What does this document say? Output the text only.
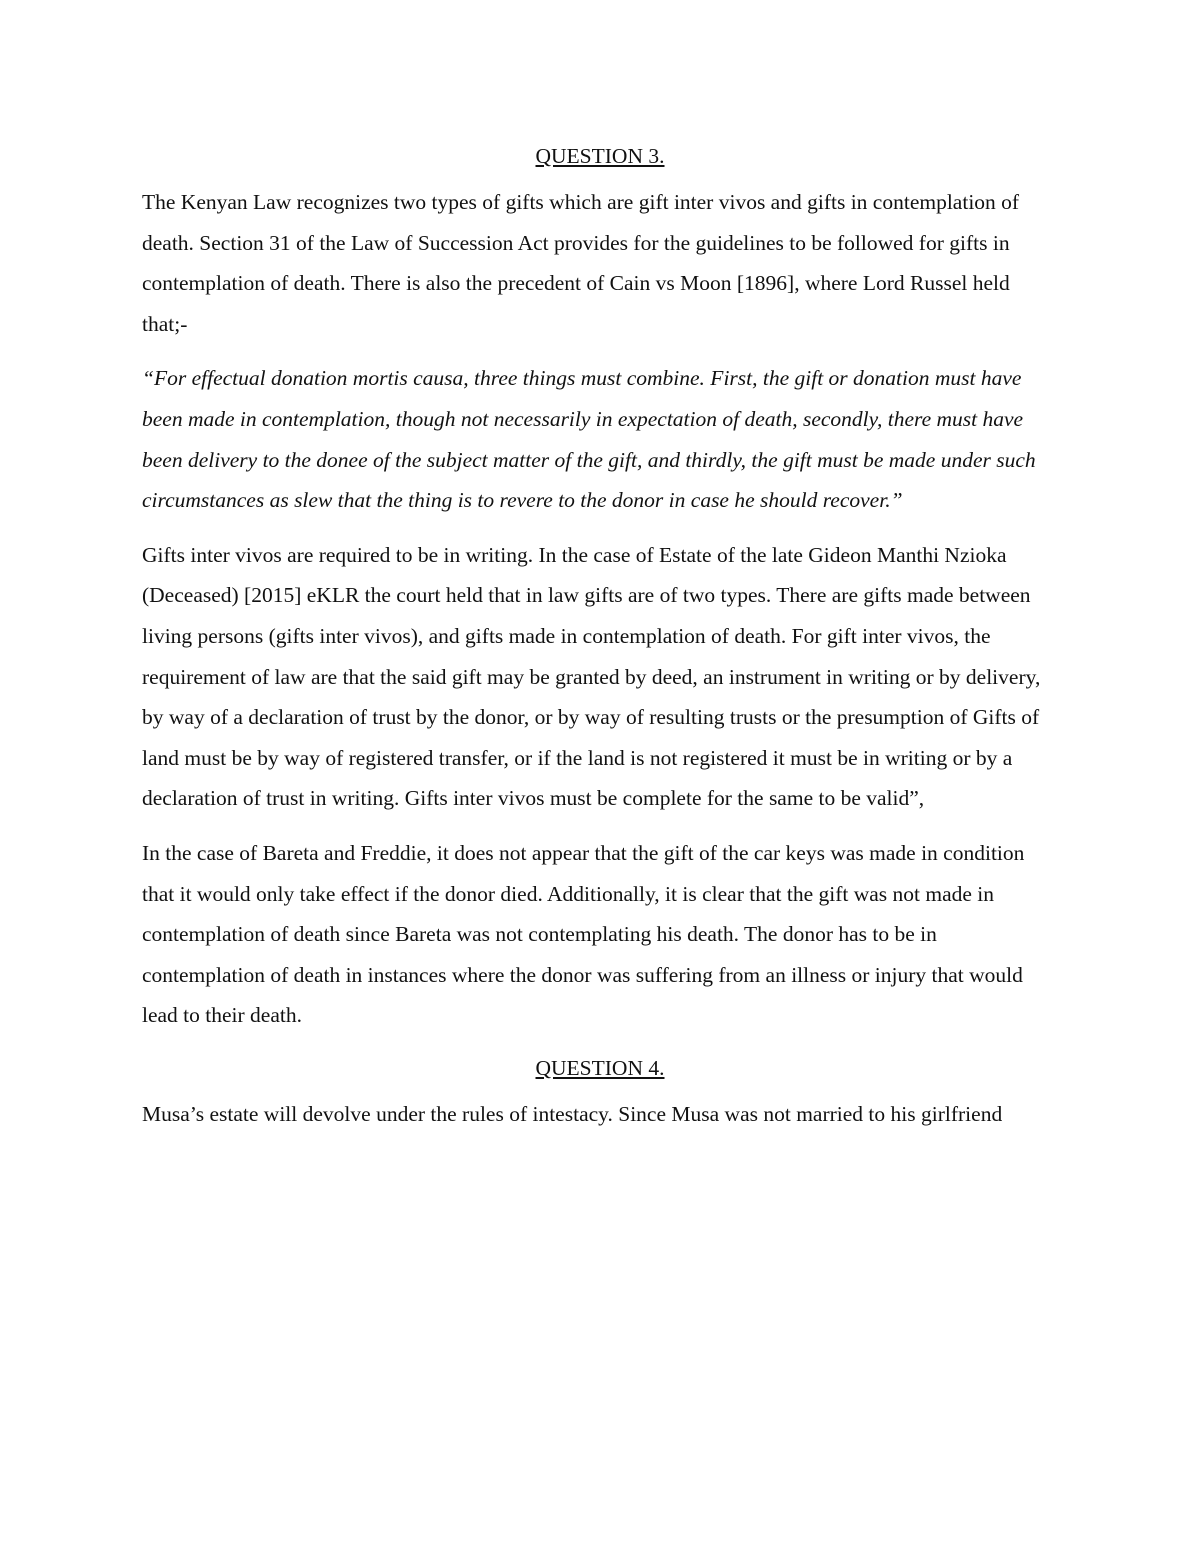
QUESTION 3.

The Kenyan Law recognizes two types of gifts which are gift inter vivos and gifts in contemplation of death. Section 31 of the Law of Succession Act provides for the guidelines to be followed for gifts in contemplation of death. There is also the precedent of Cain vs Moon [1896], where Lord Russel held that;-

“For effectual donation mortis causa, three things must combine. First, the gift or donation must have been made in contemplation, though not necessarily in expectation of death, secondly, there must have been delivery to the donee of the subject matter of the gift, and thirdly, the gift must be made under such circumstances as slew that the thing is to revere to the donor in case he should recover.”

Gifts inter vivos are required to be in writing. In the case of Estate of the late Gideon Manthi Nzioka (Deceased) [2015] eKLR the court held that in law gifts are of two types. There are gifts made between living persons (gifts inter vivos), and gifts made in contemplation of death. For gift inter vivos, the requirement of law are that the said gift may be granted by deed, an instrument in writing or by delivery, by way of a declaration of trust by the donor, or by way of resulting trusts or the presumption of Gifts of land must be by way of registered transfer, or if the land is not registered it must be in writing or by a declaration of trust in writing. Gifts inter vivos must be complete for the same to be valid”,

In the case of Bareta and Freddie, it does not appear that the gift of the car keys was made in condition that it would only take effect if the donor died. Additionally, it is clear that the gift was not made in contemplation of death since Bareta was not contemplating his death. The donor has to be in contemplation of death in instances where the donor was suffering from an illness or injury that would lead to their death.

QUESTION 4.

Musa’s estate will devolve under the rules of intestacy. Since Musa was not married to his girlfriend
